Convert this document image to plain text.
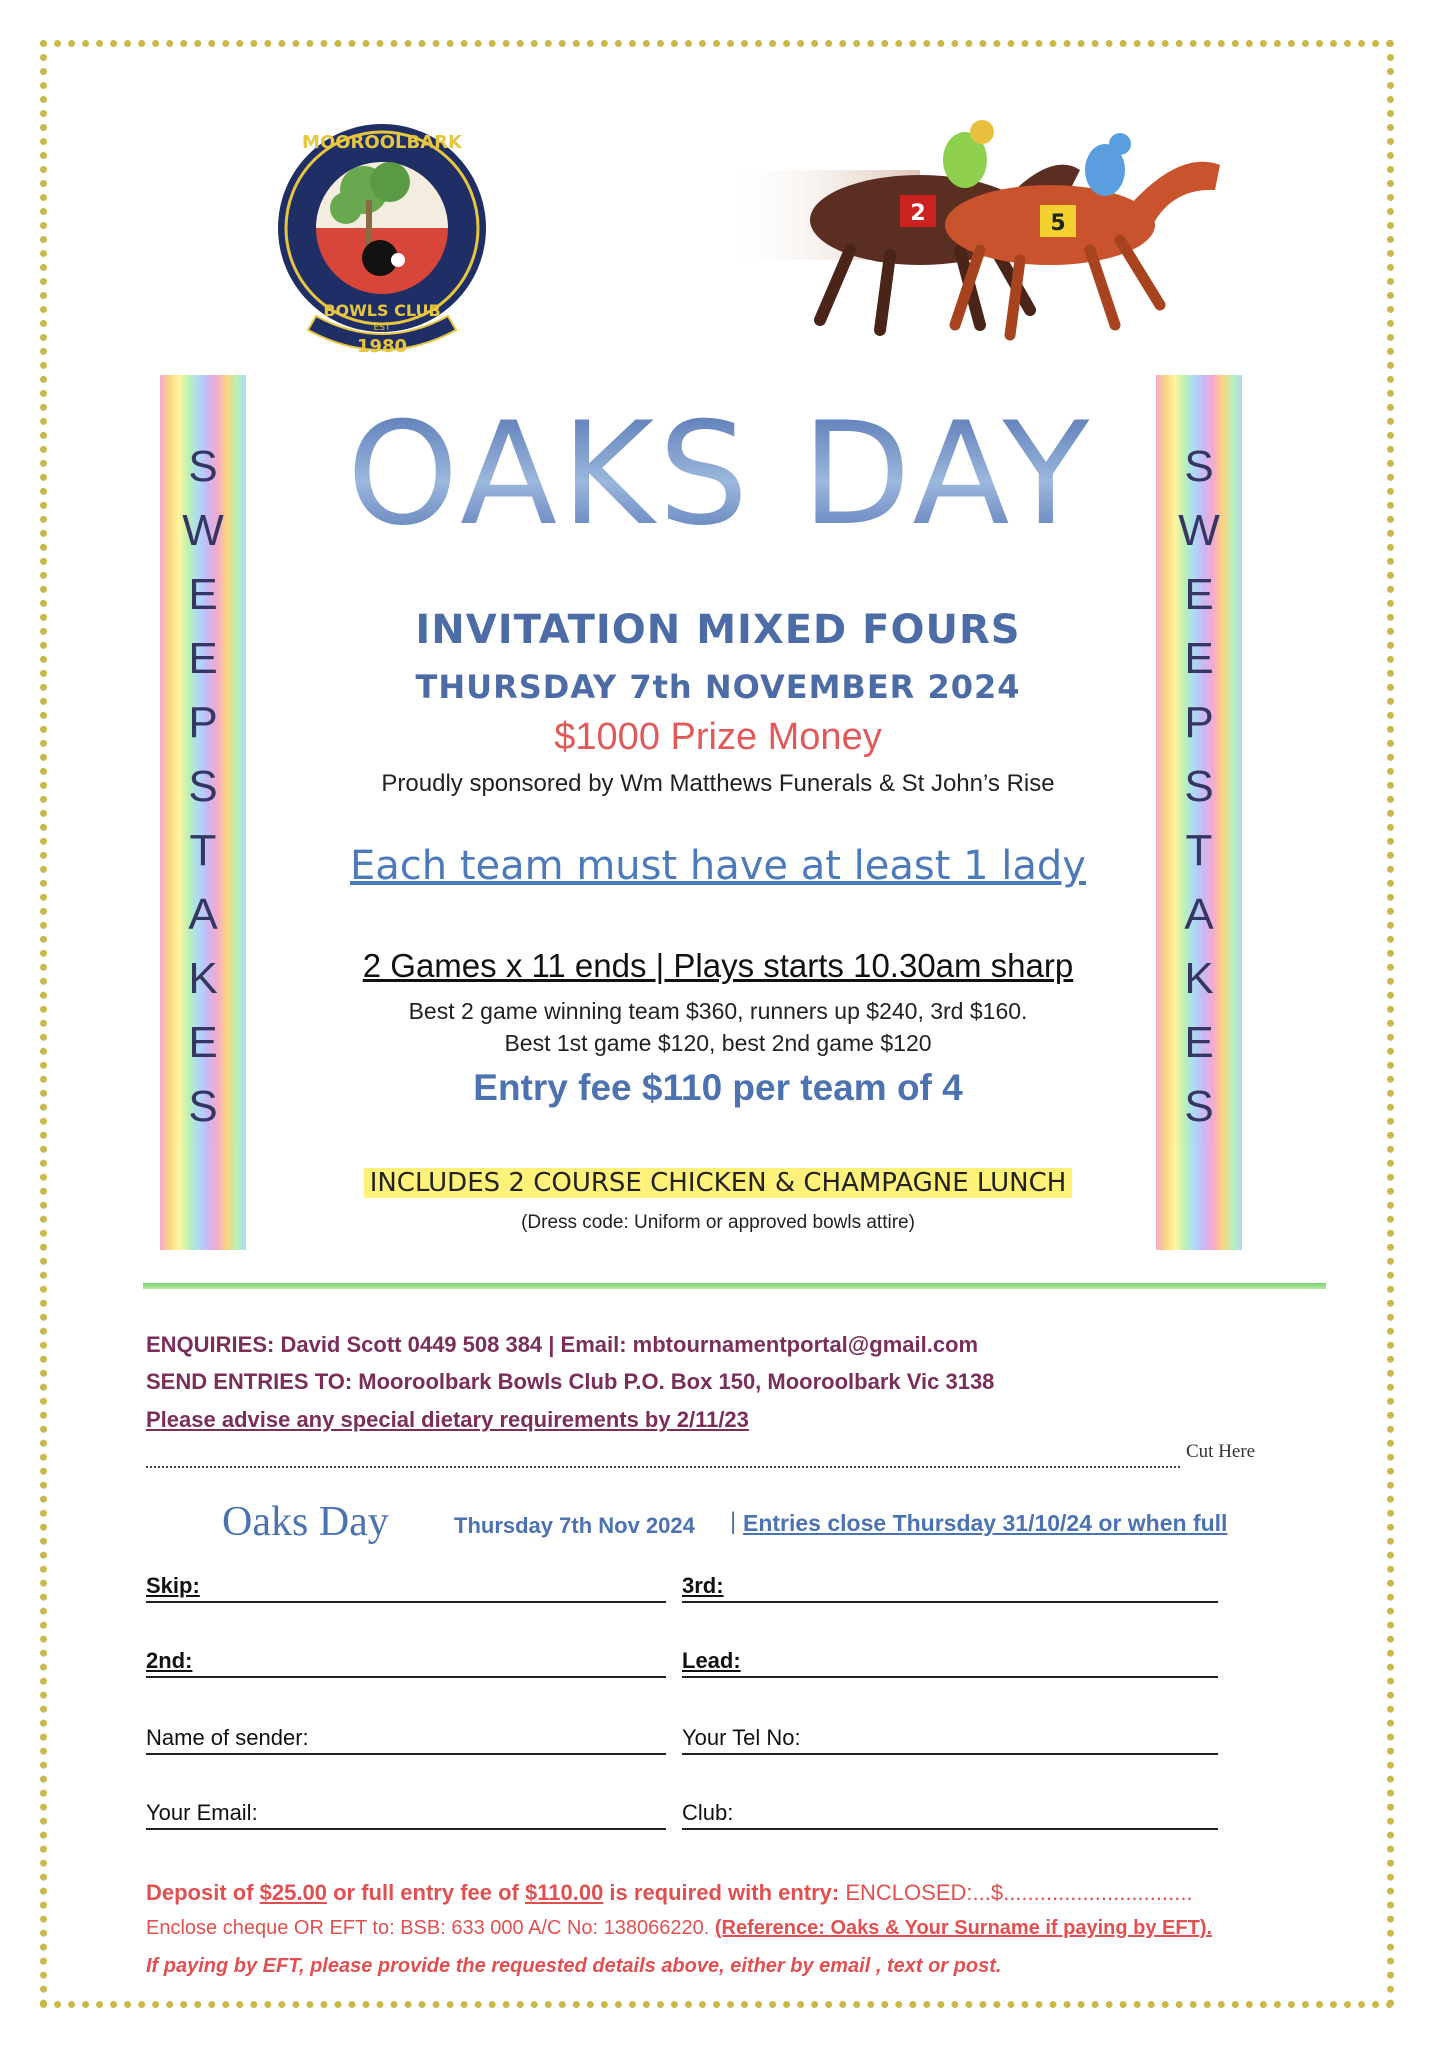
MOOROOLBARK
BOWLS CLUB
EST
1980
2	5
S
W
E
E
P
S
T
A
K
E
S
S
W
E
E
P
S
T
A
K
E
S
OAKS DAY
INVITATION MIXED FOURS
THURSDAY 7th NOVEMBER 2024
$1000 Prize Money
Proudly sponsored by Wm Matthews Funerals & St John’s Rise
Each team must have at least 1 lady
2 Games x 11 ends | Plays starts 10.30am sharp
Best 2 game winning team $360, runners up $240, 3rd $160.
Best 1st game $120, best 2nd game $120
Entry fee $110 per team of 4
INCLUDES 2 COURSE CHICKEN & CHAMPAGNE LUNCH
(Dress code: Uniform or approved bowls attire)
ENQUIRIES: David Scott 0449 508 384 | Email: mbtournamentportal@gmail.com
SEND ENTRIES TO: Mooroolbark Bowls Club P.O. Box 150, Mooroolbark Vic 3138
Please advise any special dietary requirements by 2/11/23
Cut Here
Oaks Day	Thursday 7th Nov 2024 | Entries close Thursday 31/10/24 or when full
Skip:	3rd:
2nd:	Lead:
Name of sender:	Your Tel No:
Your Email:	Club:
Deposit of $25.00 or full entry fee of $110.00 is required with entry: ENCLOSED:...$...............................
Enclose cheque OR EFT to: BSB: 633 000 A/C No: 138066220. (Reference: Oaks & Your Surname if paying by EFT).
If paying by EFT, please provide the requested details above, either by email , text or post.
